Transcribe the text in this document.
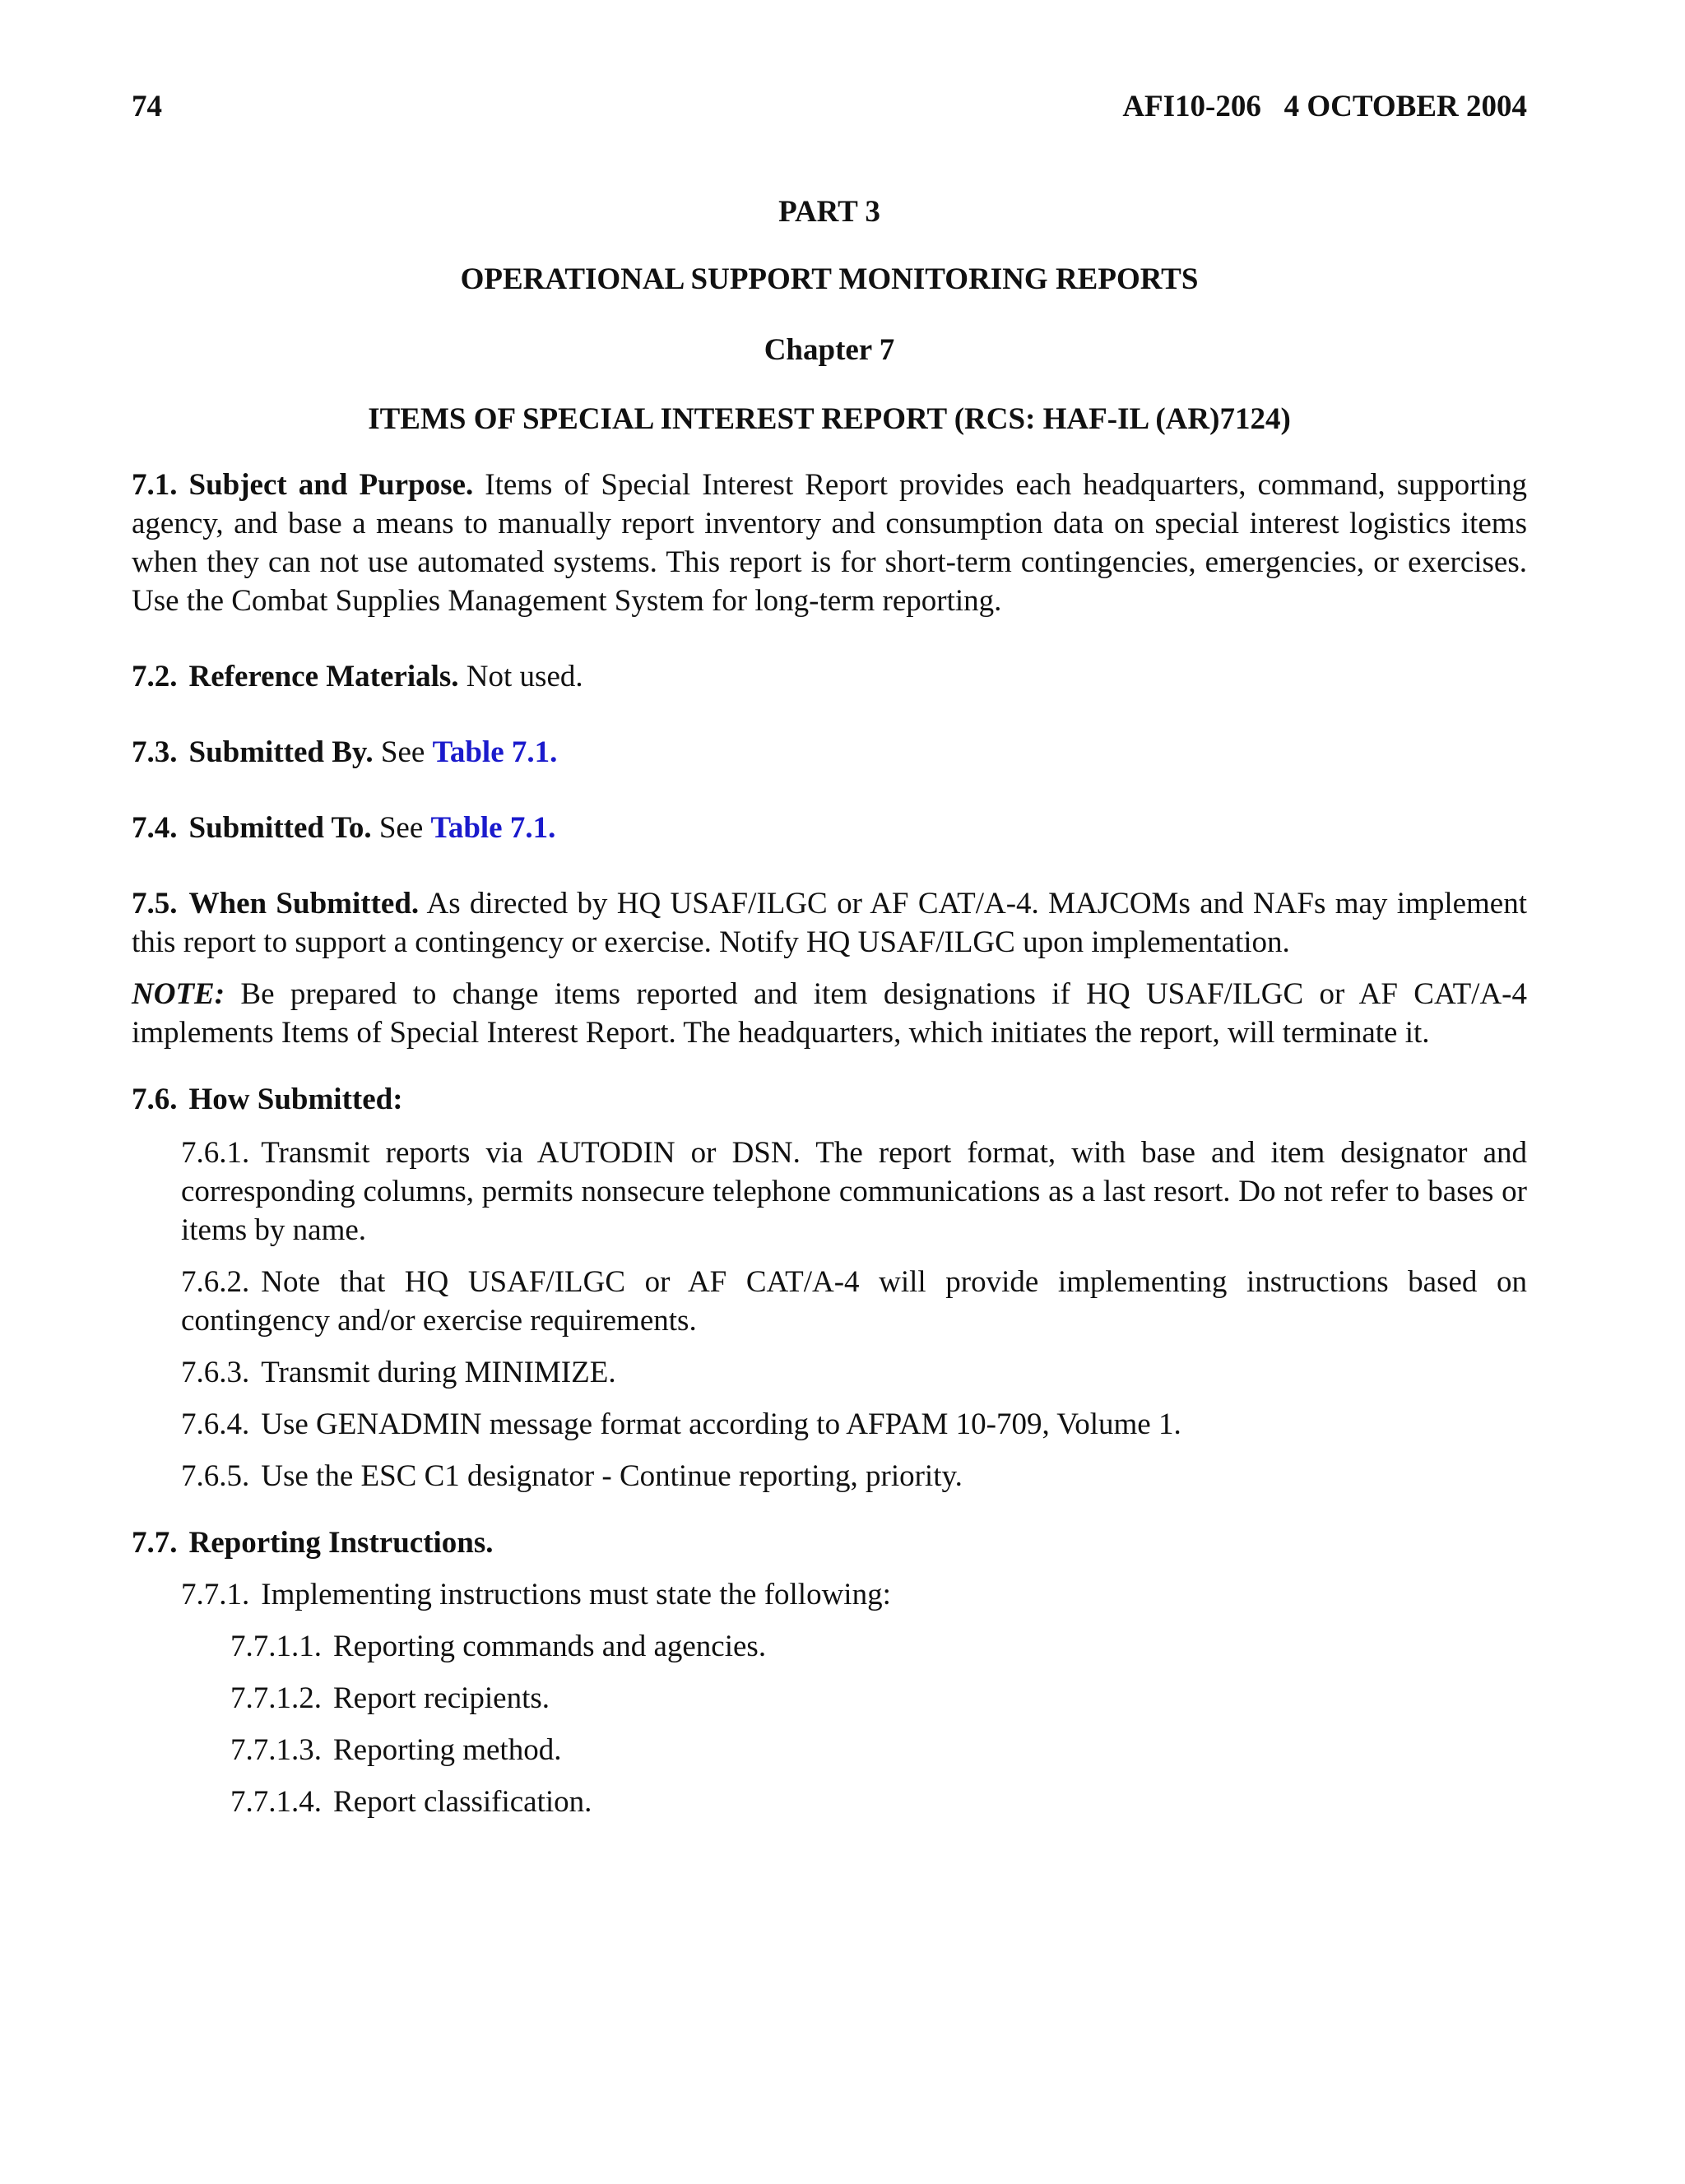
74	AFI10-206   4 OCTOBER 2004
PART 3
OPERATIONAL SUPPORT MONITORING REPORTS
Chapter 7
ITEMS OF SPECIAL INTEREST REPORT (RCS: HAF-IL (AR)7124)

7.1. Subject and Purpose. Items of Special Interest Report provides each headquarters, command, supporting agency, and base a means to manually report inventory and consumption data on special interest logistics items when they can not use automated systems. This report is for short-term contingencies, emergencies, or exercises. Use the Combat Supplies Management System for long-term reporting.

7.2. Reference Materials. Not used.

7.3. Submitted By. See Table 7.1.

7.4. Submitted To. See Table 7.1.

7.5. When Submitted. As directed by HQ USAF/ILGC or AF CAT/A-4. MAJCOMs and NAFs may implement this report to support a contingency or exercise. Notify HQ USAF/ILGC upon implementation.

NOTE: Be prepared to change items reported and item designations if HQ USAF/ILGC or AF CAT/A-4 implements Items of Special Interest Report. The headquarters, which initiates the report, will terminate it.

7.6. How Submitted:

7.6.1. Transmit reports via AUTODIN or DSN. The report format, with base and item designator and corresponding columns, permits nonsecure telephone communications as a last resort. Do not refer to bases or items by name.

7.6.2. Note that HQ USAF/ILGC or AF CAT/A-4 will provide implementing instructions based on contingency and/or exercise requirements.

7.6.3. Transmit during MINIMIZE.

7.6.4. Use GENADMIN message format according to AFPAM 10-709, Volume 1.

7.6.5. Use the ESC C1 designator - Continue reporting, priority.

7.7. Reporting Instructions.

7.7.1. Implementing instructions must state the following:

7.7.1.1. Reporting commands and agencies.

7.7.1.2. Report recipients.

7.7.1.3. Reporting method.

7.7.1.4. Report classification.
